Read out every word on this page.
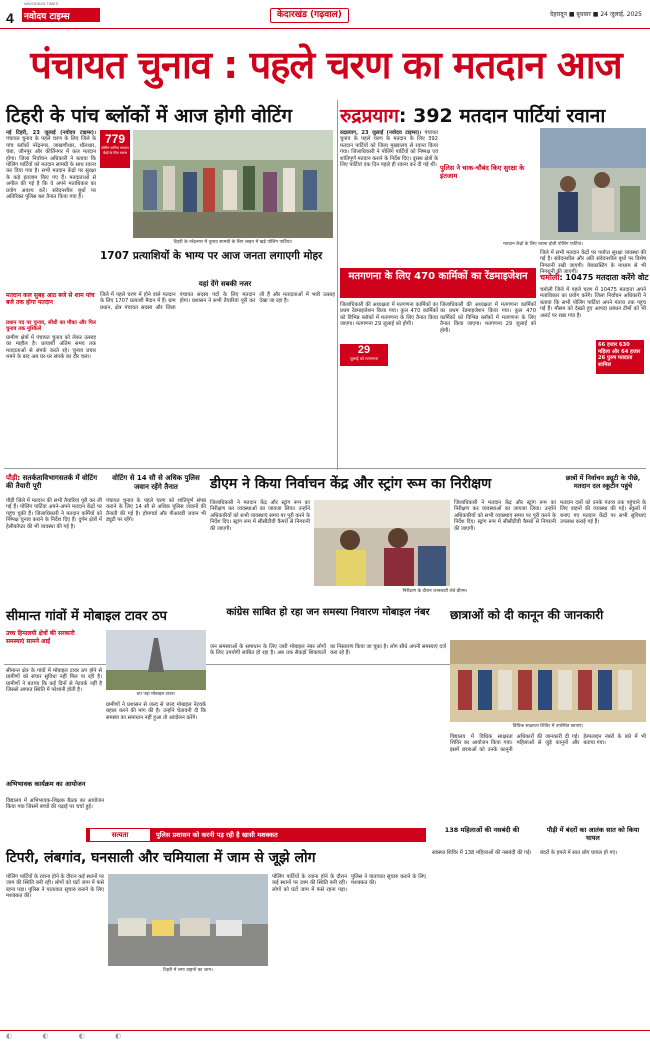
4 नवोदय टाइम्स
NAVODAYA TIMES
केदारखंड (गढ़वाल)	देहरादून ■ बुधवार ■ 24 जुलाई, 2025
पंचायत चुनाव : पहले चरण का मतदान आज
टिहरी के पांच ब्लॉकों में आज होगी वोटिंग	रुद्रप्रयाग: 392 मतदान पार्टियां रवाना
779
पोलिंग पार्टियां मतदान केंद्रों के लिए रवाना

नई टिहरी, 23 जुलाई (नवोदय टाइम्स)। पंचायत चुनाव के पहले चरण के लिए जिले के पांच ब्लॉकों नरेंद्रनगर, जाखणीधार, थौलधार, चंबा, जौनपुर और कीर्तिनगर में कल मतदान होगा। जिला निर्वाचन अधिकारी ने बताया कि पोलिंग पार्टियों को मतदान सामग्री के साथ रवाना कर दिया गया है। सभी मतदान केंद्रों पर सुरक्षा के कड़े इंतजाम किए गए हैं। मतदाताओं से अपील की गई है कि वे अपने मताधिकार का प्रयोग अवश्य करें। संवेदनशील बूथों पर अतिरिक्त पुलिस बल तैनात किया गया है।

मतदान कल सुबह आठ बजे से शाम पांच बजे तक होगा मतदान

प्रधान पद पर चुनाव, सीधी का मौका और फिर चुनाव तक मुश्किलें

ग्रामीण क्षेत्रों में पंचायत चुनाव को लेकर उत्साह का माहौल है। प्रत्याशी अंतिम समय तक मतदाताओं से संपर्क करते रहे। चुनाव प्रचार थमने के बाद अब घर-घर संपर्क का दौर चला।

टिहरी के नरेंद्रनगर में चुनाव सामग्री के लिए लाइन में खड़े पोलिंग पार्टियां।
1707 प्रत्याशियों के भाग्य पर आज जनता लगाएगी मोहर
यहां देंगे सबकी नजर
जिले में पहले चरण में होने वाले मतदान के लिए 1707 प्रत्याशी मैदान में हैं। ग्राम प्रधान, क्षेत्र पंचायत सदस्य और जिला पंचायत सदस्य पदों के लिए मतदान होगा। प्रशासन ने सभी तैयारियां पूरी कर ली हैं और मतदाताओं में भारी उत्साह देखा जा रहा है।

रुद्रप्रयाग, 23 जुलाई (नवोदय टाइम्स)। पंचायत चुनाव के पहले चरण के मतदान के लिए 392 मतदान पार्टियों को जिला मुख्यालय से रवाना किया गया। जिलाधिकारी ने पोलिंग पार्टियों को निष्पक्ष एवं शांतिपूर्ण मतदान कराने के निर्देश दिए। दूरस्थ क्षेत्रों के लिए पार्टियां एक दिन पहले ही रवाना कर दी गई थीं। पुलिस ने चाक-चौबंद किए सुरक्षा के इंतजाम
मतदान केंद्रों के लिए रवाना होती पोलिंग पार्टियां।
जिले में सभी मतदान केंद्रों पर पर्याप्त सुरक्षा व्यवस्था की गई है। संवेदनशील और अति संवेदनशील बूथों पर विशेष निगरानी रखी जाएगी। वेबकास्टिंग के माध्यम से भी निगरानी की जाएगी।
चमोली: 10475 मतदाता करेंगे वोट
चमोली जिले में पहले चरण में 10475 मतदाता अपने मताधिकार का प्रयोग करेंगे। जिला निर्वाचन अधिकारी ने बताया कि सभी पोलिंग पार्टियां अपने गंतव्य तक पहुंच गई हैं। मौसम को देखते हुए आपदा प्रबंधन टीमों को भी अलर्ट पर रखा गया है।
66 हजार 630 महिला और 64 हजार 26 पुरुष मतदाता शामिल
मतगणना के लिए 470 कार्मिकों का रेंडमाइजेशन
जिलाधिकारी की अध्यक्षता में मतगणना कार्मिकों का प्रथम रेंडमाइजेशन किया गया। कुल 470 कार्मिकों को विभिन्न ब्लॉकों में मतगणना के लिए तैनात किया जाएगा। मतगणना 29 जुलाई को होगी।
29
जुलाई को मतगणना
जिलाधिकारी की अध्यक्षता में मतगणना कार्मिकों का प्रथम रेंडमाइजेशन किया गया। कुल 470 कार्मिकों को विभिन्न ब्लॉकों में मतगणना के लिए तैनात किया जाएगा। मतगणना 29 जुलाई को होगी।
पौड़ी: सतर्कताविभागसतर्क में वोटिंग की तैयारी पूरी
पौड़ी जिले में मतदान की सभी तैयारियां पूरी कर ली गई हैं। पोलिंग पार्टियां अपने-अपने मतदान केंद्रों पर पहुंच चुकी हैं। जिलाधिकारी ने मतदान कर्मियों को निष्पक्ष चुनाव कराने के निर्देश दिए हैं। दुर्गम क्षेत्रों में हेलीकॉप्टर की भी व्यवस्था की गई है।
वोटिंग से 14 सौ से अधिक पुलिस जवान रहेंगे तैनात
पंचायत चुनाव के पहले चरण को शांतिपूर्ण संपन्न कराने के लिए 14 सौ से अधिक पुलिस जवानों की तैनाती की गई है। होमगार्ड और पीआरडी जवान भी ड्यूटी पर रहेंगे।
डीएम ने किया निर्वाचन केंद्र और स्ट्रांग रूम का निरीक्षण
जिलाधिकारी ने मतदान केंद्र और स्ट्रांग रूम का निरीक्षण कर व्यवस्थाओं का जायजा लिया। उन्होंने अधिकारियों को सभी व्यवस्थाएं समय पर पूरी करने के निर्देश दिए। स्ट्रांग रूम में सीसीटीवी कैमरों से निगरानी की जाएगी।
जिलाधिकारी ने मतदान केंद्र और स्ट्रांग रूम का निरीक्षण कर व्यवस्थाओं का जायजा लिया। उन्होंने अधिकारियों को सभी व्यवस्थाएं समय पर पूरी करने के निर्देश दिए। स्ट्रांग रूम में सीसीटीवी कैमरों से निगरानी की जाएगी।
निरीक्षण के दौरान जानकारी लेते डीएम।
छात्रों में निर्वाचन ड्यूटी के पीछे, मतदान दल स्कूटीन पहुंचे
मतदान दलों को उनके गंतव्य तक पहुंचाने के लिए वाहनों की व्यवस्था की गई। स्कूलों में बनाए गए मतदान केंद्रों पर सभी सुविधाएं उपलब्ध कराई गई हैं।
सीमान्त गांवों में मोबाइल टावर ठप
उच्च हिमालयी क्षेत्रों की सरकारी समस्याएं सामने आईं
सीमान्त क्षेत्र के गांवों में मोबाइल टावर ठप होने से ग्रामीणों को संचार सुविधा नहीं मिल पा रही है। ग्रामीणों ने बताया कि कई दिनों से नेटवर्क नहीं है जिससे आपात स्थिति में परेशानी होती है।
ठप पड़ा मोबाइल टावर।
ग्रामीणों ने प्रशासन से जल्द से जल्द मोबाइल नेटवर्क बहाल करने की मांग की है। उन्होंने चेतावनी दी कि समस्या का समाधान नहीं हुआ तो आंदोलन करेंगे।
कांग्रेस साबित हो रहा जन समस्या निवारण मोबाइल नंबर
जन समस्याओं के समाधान के लिए जारी मोबाइल नंबर लोगों के लिए उपयोगी साबित हो रहा है। अब तक सैकड़ों शिकायतों का निस्तारण किया जा चुका है। लोग सीधे अपनी समस्याएं दर्ज करा रहे हैं।
छात्राओं को दी कानून की जानकारी
विधिक साक्षरता शिविर में उपस्थित छात्राएं।
विद्यालय में विधिक साक्षरता शिविर का आयोजन किया गया। इसमें छात्राओं को उनके कानूनी अधिकारों की जानकारी दी गई। महिलाओं से जुड़े कानूनों और हेल्पलाइन नंबरों के बारे में भी बताया गया।
अभिभावक कार्यक्रम का आयोजन
विद्यालय में अभिभावक-शिक्षक बैठक का आयोजन किया गया जिसमें बच्चों की पढ़ाई पर चर्चा हुई।
सत्यता	पुलिस प्रशासन को करनी पड़ रही है खासी मशक्कत
138 महिलाओं की नसबंदी की	पौड़ी में बंदरों का आतंक सात को किया घायल
टिपरी, लंबगांव, घनसाली और चमियाला में जाम से जूझे लोग
पोलिंग पार्टियों के रवाना होने के दौरान कई स्थानों पर जाम की स्थिति बनी रही। लोगों को घंटों जाम में फंसे रहना पड़ा। पुलिस ने यातायात सुचारु कराने के लिए मशक्कत की।
टिहरी में लगा वाहनों का जाम।
पोलिंग पार्टियों के रवाना होने के दौरान कई स्थानों पर जाम की स्थिति बनी रही। लोगों को घंटों जाम में फंसे रहना पड़ा। पुलिस ने यातायात सुचारु कराने के लिए मशक्कत की।
स्वास्थ्य शिविर में 138 महिलाओं की नसबंदी की गई। बंदरों के हमले में सात लोग घायल हो गए।
◐ ◐ ◐ ◐
